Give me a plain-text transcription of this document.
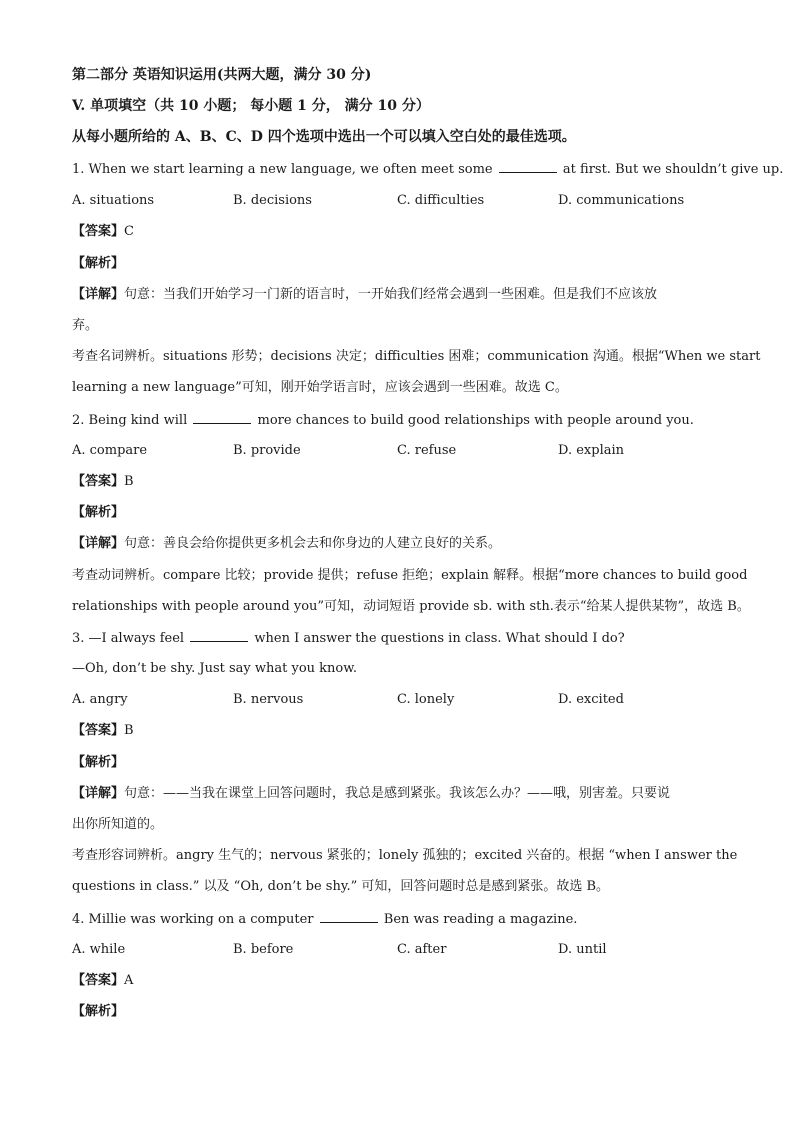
第二部分 英语知识运用(共两大题，满分 30 分)
V. 单项填空（共 10 小题； 每小题 1 分， 满分 10 分）
从每小题所给的 A、B、C、D 四个选项中选出一个可以填入空白处的最佳选项。
1. When we start learning a new language, we often meet some	at first. But we shouldn’t give up.
A. situations	B. decisions	C. difficulties	D. communications
【答案】C
【解析】
【详解】句意：当我们开始学习一门新的语言时，一开始我们经常会遇到一些困难。但是我们不应该放
弃。
考查名词辨析。situations 形势；decisions 决定；difficulties 困难；communication 沟通。根据“When we start
learning a new language”可知，刚开始学语言时，应该会遇到一些困难。故选 C。
2. Being kind will	more chances to build good relationships with people around you.
A. compare	B. provide	C. refuse	D. explain
【答案】B
【解析】
【详解】句意：善良会给你提供更多机会去和你身边的人建立良好的关系。
考查动词辨析。compare 比较；provide 提供；refuse 拒绝；explain 解释。根据“more chances to build good
relationships with people around you”可知，动词短语 provide sb. with sth.表示“给某人提供某物”，故选 B。
3. —I always feel	when I answer the questions in class. What should I do?
—Oh, don’t be shy. Just say what you know.
A. angry	B. nervous	C. lonely	D. excited
【答案】B
【解析】
【详解】句意：——当我在课堂上回答问题时，我总是感到紧张。我该怎么办？——哦，别害羞。只要说
出你所知道的。
考查形容词辨析。angry 生气的；nervous 紧张的；lonely 孤独的；excited 兴奋的。根据 “when I answer the
questions in class.” 以及 “Oh, don’t be shy.” 可知，回答问题时总是感到紧张。故选 B。
4. Millie was working on a computer	Ben was reading a magazine.
A. while	B. before	C. after	D. until
【答案】A
【解析】
